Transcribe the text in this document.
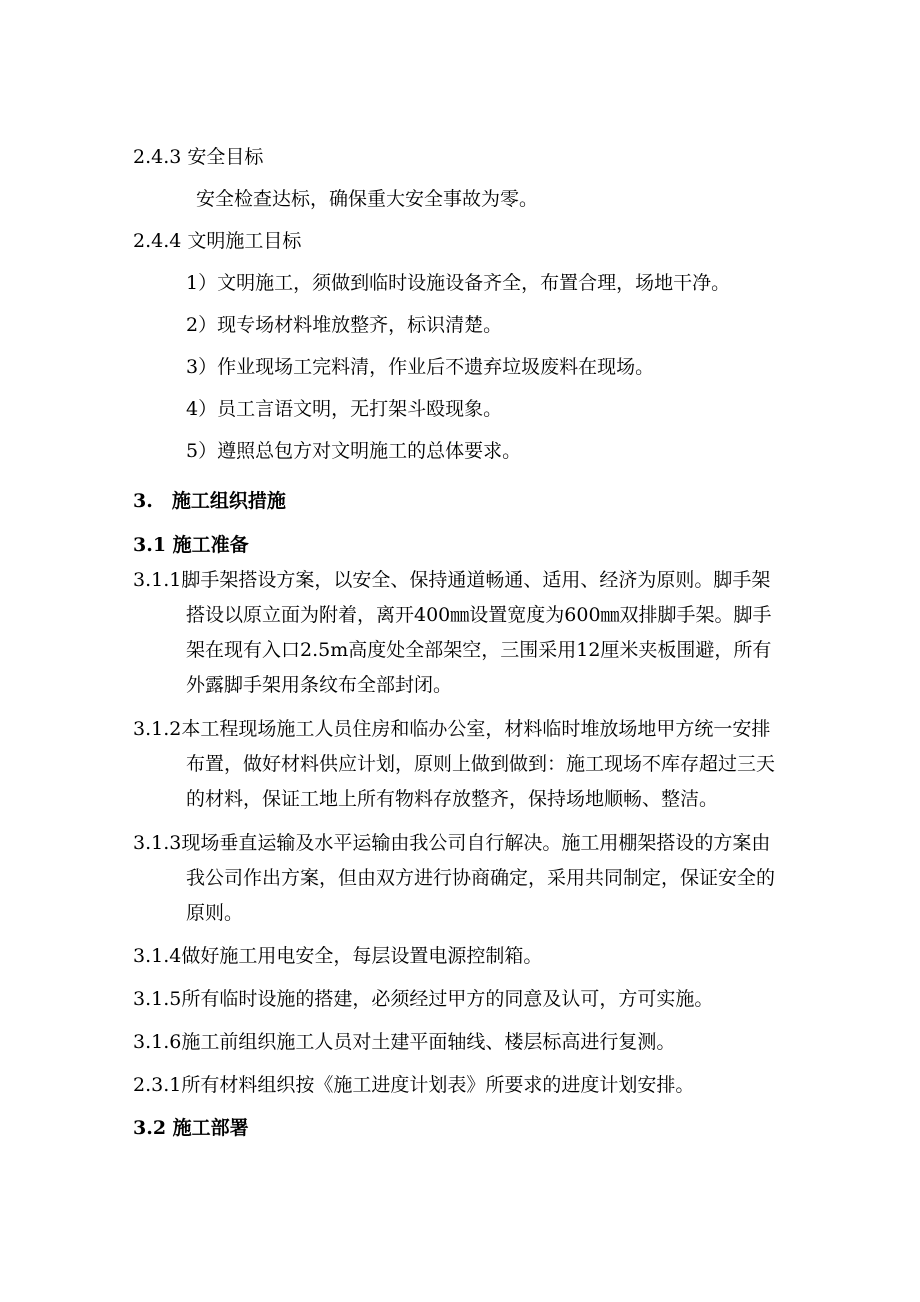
2.4.3 安全目标
安全检查达标，确保重大安全事故为零。
2.4.4 文明施工目标
1）文明施工，须做到临时设施设备齐全，布置合理，场地干净。
2）现专场材料堆放整齐，标识清楚。
3）作业现场工完料清，作业后不遗弃垃圾废料在现场。
4）员工言语文明，无打架斗殴现象。
5）遵照总包方对文明施工的总体要求。
3.　施工组织措施
3.1 施工准备
3.1.1脚手架搭设方案，以安全、保持通道畅通、适用、经济为原则。脚手架
搭设以原立面为附着，离开400㎜设置宽度为600㎜双排脚手架。脚手
架在现有入口2.5m高度处全部架空，三围采用12厘米夹板围避，所有
外露脚手架用条纹布全部封闭。
3.1.2本工程现场施工人员住房和临办公室，材料临时堆放场地甲方统一安排
布置，做好材料供应计划，原则上做到做到：施工现场不库存超过三天
的材料，保证工地上所有物料存放整齐，保持场地顺畅、整洁。
3.1.3现场垂直运输及水平运输由我公司自行解决。施工用棚架搭设的方案由
我公司作出方案，但由双方进行协商确定，采用共同制定，保证安全的
原则。
3.1.4做好施工用电安全，每层设置电源控制箱。
3.1.5所有临时设施的搭建，必须经过甲方的同意及认可，方可实施。
3.1.6施工前组织施工人员对土建平面轴线、楼层标高进行复测。
2.3.1所有材料组织按《施工进度计划表》所要求的进度计划安排。
3.2 施工部署
